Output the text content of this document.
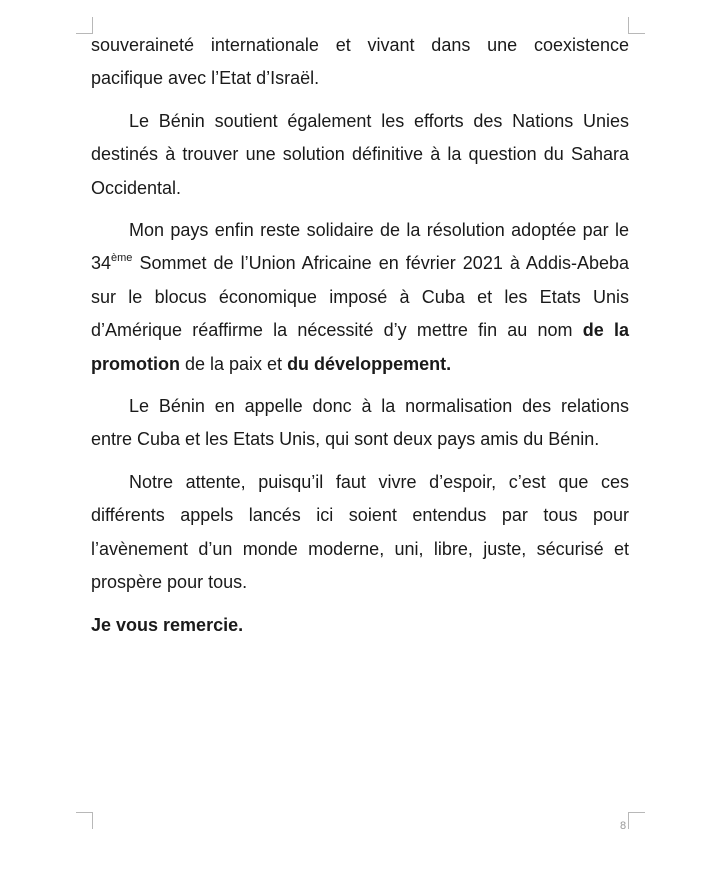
souveraineté internationale et vivant dans une coexistence pacifique avec l’Etat d’Israël.

Le Bénin soutient également les efforts des Nations Unies destinés à trouver une solution définitive à la question du Sahara Occidental.

Mon pays enfin reste solidaire de la résolution adoptée par le 34ème Sommet de l’Union Africaine en février 2021 à Addis-Abeba sur le blocus économique imposé à Cuba et les Etats Unis d’Amérique réaffirme la nécessité d’y mettre fin au nom de la promotion de la paix et du développement.

Le Bénin en appelle donc à la normalisation des relations entre Cuba et les Etats Unis, qui sont deux pays amis du Bénin.

Notre attente, puisqu’il faut vivre d’espoir, c’est que ces différents appels lancés ici soient entendus par tous pour l’avènement d’un monde moderne, uni, libre, juste, sécurisé et prospère pour tous.

Je vous remercie.

8
